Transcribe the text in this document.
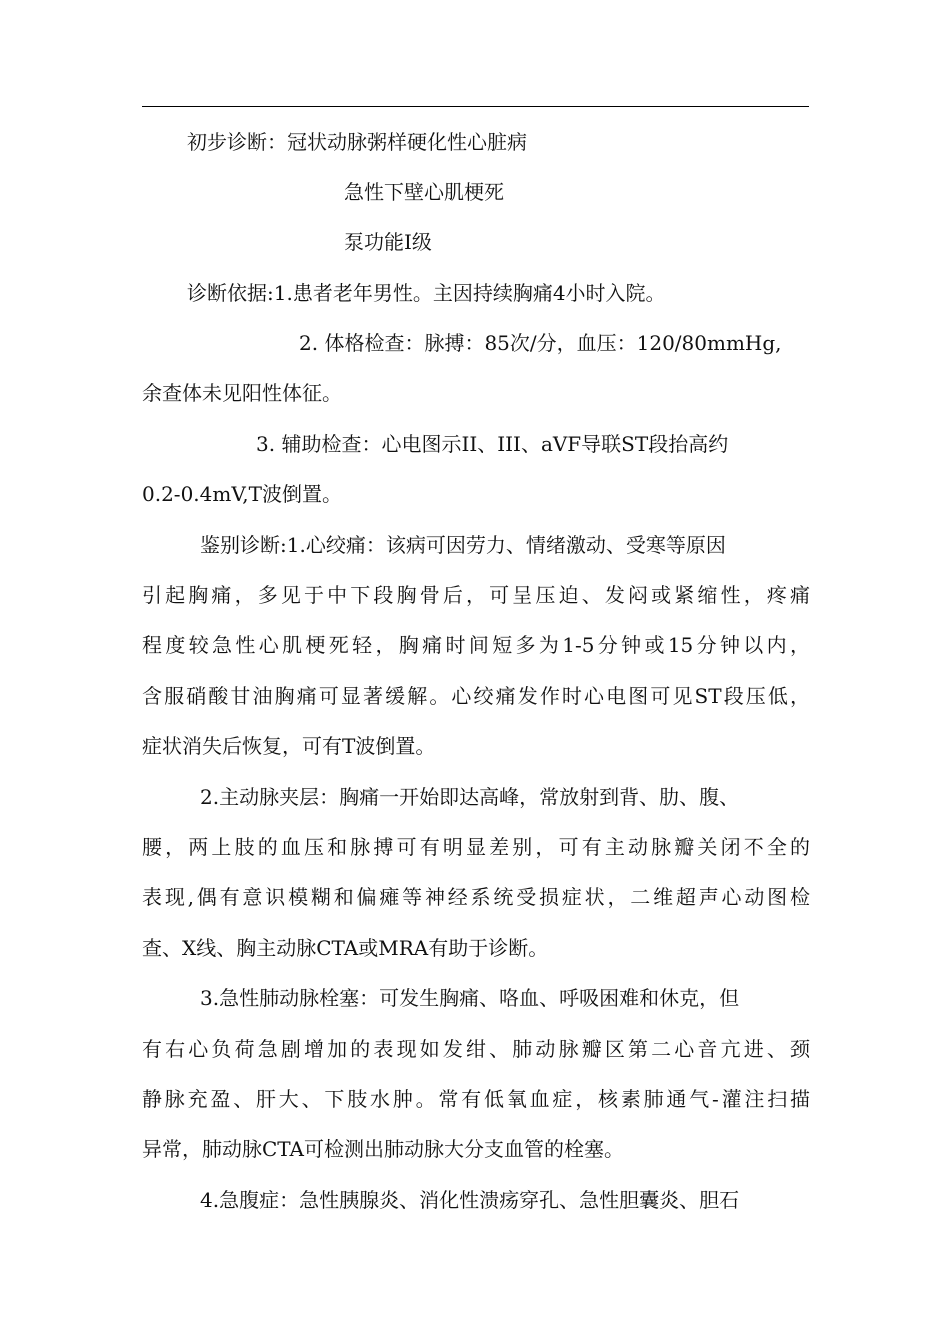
初步诊断：冠状动脉粥样硬化性心脏病
急性下壁心肌梗死
泵功能Ⅰ级
诊断依据:1.患者老年男性。主因持续胸痛4小时入院。
2. 体格检查：脉搏：85次/分，血压：120/80mmHg,
余查体未见阳性体征。
3. 辅助检查：心电图示II、III、aVF导联ST段抬高约
0.2-0.4mV,T波倒置。
鉴别诊断:1.心绞痛：该病可因劳力、情绪激动、受寒等原因
引起胸痛，多见于中下段胸骨后，可呈压迫、发闷或紧缩性，疼痛
程度较急性心肌梗死轻，胸痛时间短多为1-5分钟或15分钟以内，
含服硝酸甘油胸痛可显著缓解。心绞痛发作时心电图可见ST段压低，
症状消失后恢复，可有T波倒置。
2.主动脉夹层：胸痛一开始即达高峰，常放射到背、肋、腹、
腰，两上肢的血压和脉搏可有明显差别，可有主动脉瓣关闭不全的
表现,偶有意识模糊和偏瘫等神经系统受损症状，二维超声心动图检
查、X线、胸主动脉CTA或MRA有助于诊断。
3.急性肺动脉栓塞：可发生胸痛、咯血、呼吸困难和休克，但
有右心负荷急剧增加的表现如发绀、肺动脉瓣区第二心音亢进、颈
静脉充盈、肝大、下肢水肿。常有低氧血症，核素肺通气-灌注扫描
异常，肺动脉CTA可检测出肺动脉大分支血管的栓塞。
4.急腹症：急性胰腺炎、消化性溃疡穿孔、急性胆囊炎、胆石
